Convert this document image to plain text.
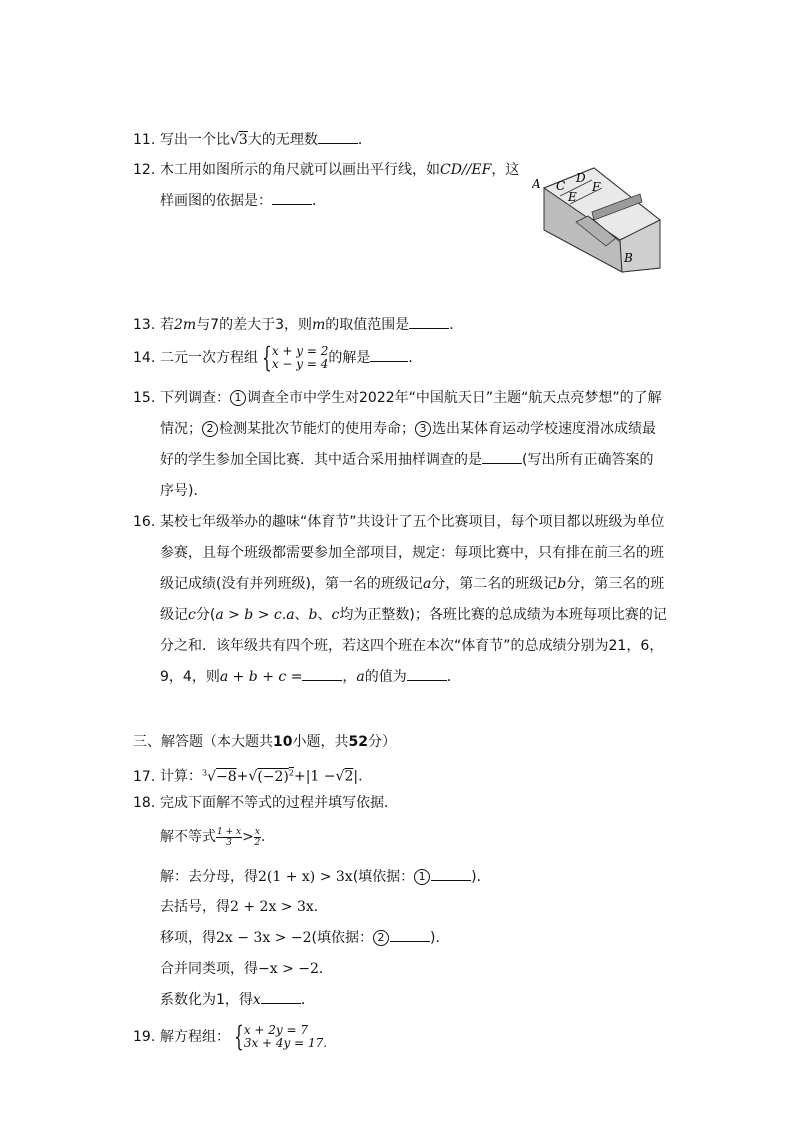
11. 写出一个比√3大的无理数	．
12. 木工用如图所示的角尺就可以画出平行线，如CD//EF，这
样画图的依据是：	．
A C
D
E
F
B
13. 若2m与7的差大于3，则m的取值范围是	．
14. 二元一次方程组 { x + y = 2
x − y = 4 的解是	．
15. 下列调查： 1 调查全市中学生对2022年“中国航天日”主题“航天点亮梦想”的了解
情况； 2 检测某批次节能灯的使用寿命； 3 选出某体育运动学校速度滑冰成绩最
好的学生参加全国比赛．其中适合采用抽样调查的是	(写出所有正确答案的
序号)．
16. 某校七年级举办的趣味“体育节”共设计了五个比赛项目，每个项目都以班级为单位
参赛，且每个班级都需要参加全部项目，规定：每项比赛中，只有排在前三名的班
级记成绩(没有并列班级)，第一名的班级记a分，第二名的班级记b分，第三名的班
级记c分(a > b > c.a、b、c均为正整数)；各班比赛的总成绩为本班每项比赛的记
分之和．该年级共有四个班，若这四个班在本次“体育节”的总成绩分别为21，6，
9，4，则a + b + c =	，a的值为	．
三、解答题（本大题共10小题，共52分）
17. 计算：$^3√-8+√(-2)^2+|1 -√2|$.
18. 完成下面解不等式的过程并填写依据．
解不等式 $\frac{1 + x}{3} > \frac{x}{2}$ .
解：去分母，得2(1 + x) > 3x(填依据： 1	)．
去括号，得2 + 2x > 3x．
移项，得2x − 3x > −2(填依据： 2	)．
合并同类项，得−x > −2．
系数化为1，得x	．
19. 解方程组： { x + 2y = 7
3x + 4y = 17.
